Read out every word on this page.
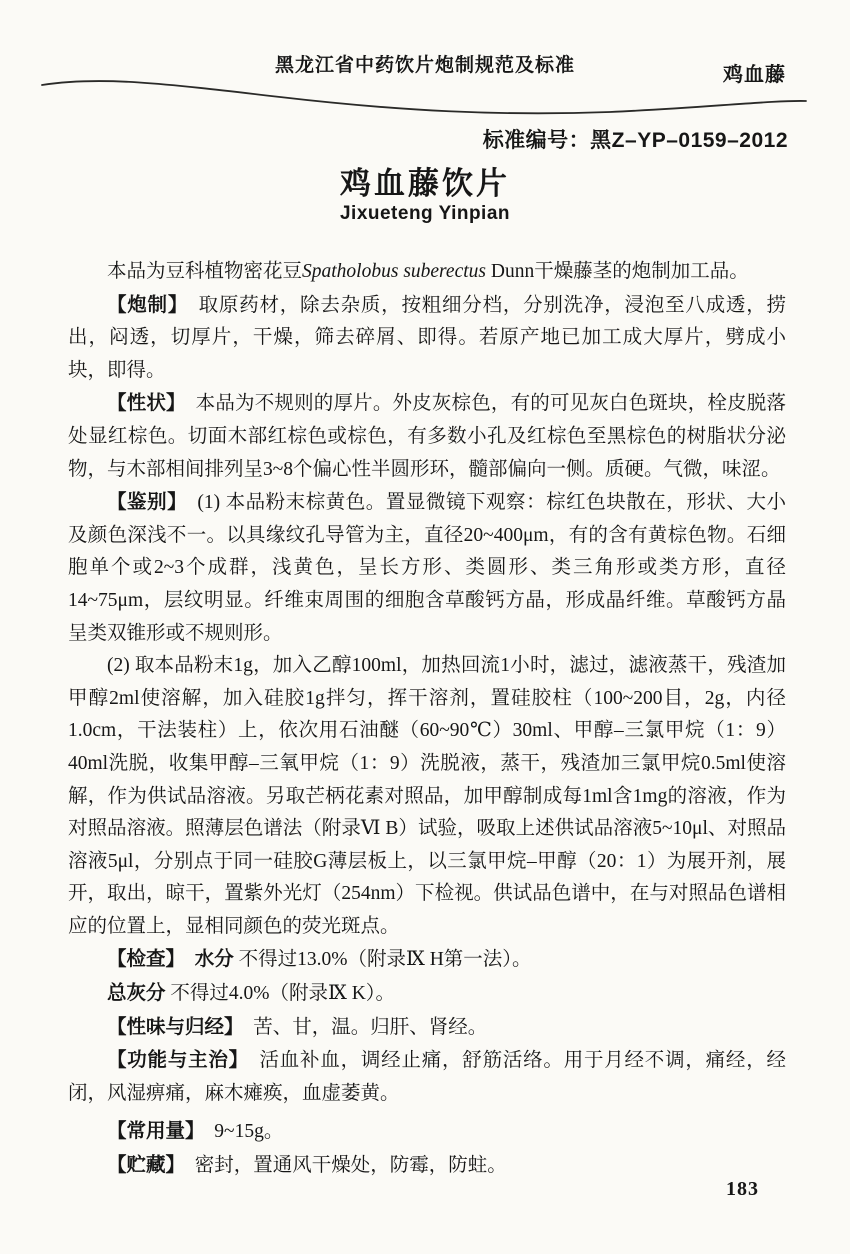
黑龙江省中药饮片炮制规范及标准	鸡血藤
标准编号：黑Z–YP–0159–2012
鸡血藤饮片
Jixueteng Yinpian

本品为豆科植物密花豆Spatholobus suberectus Dunn干燥藤茎的炮制加工品。

【炮制】　取原药材，除去杂质，按粗细分档，分别洗净，浸泡至八成透，捞出，闷透，切厚片，干燥，筛去碎屑、即得。若原产地已加工成大厚片，劈成小块，即得。

【性状】　本品为不规则的厚片。外皮灰棕色，有的可见灰白色斑块，栓皮脱落处显红棕色。切面木部红棕色或棕色，有多数小孔及红棕色至黑棕色的树脂状分泌物，与木部相间排列呈3~8个偏心性半圆形环，髓部偏向一侧。质硬。气微，味涩。

【鉴别】　(1) 本品粉末棕黄色。置显微镜下观察：棕红色块散在，形状、大小及颜色深浅不一。以具缘纹孔导管为主，直径20~400μm，有的含有黄棕色物。石细胞单个或2~3个成群，浅黄色，呈长方形、类圆形、类三角形或类方形，直径14~75μm，层纹明显。纤维束周围的细胞含草酸钙方晶，形成晶纤维。草酸钙方晶呈类双锥形或不规则形。

(2) 取本品粉末1g，加入乙醇100ml，加热回流1小时，滤过，滤液蒸干，残渣加甲醇2ml使溶解，加入硅胶1g拌匀，挥干溶剂，置硅胶柱（100~200目，2g，内径1.0cm，干法装柱）上，依次用石油醚（60~90℃）30ml、甲醇–三氯甲烷（1：9）40ml洗脱，收集甲醇–三氧甲烷（1：9）洗脱液，蒸干，残渣加三氯甲烷0.5ml使溶解，作为供试品溶液。另取芒柄花素对照品，加甲醇制成每1ml含1mg的溶液，作为对照品溶液。照薄层色谱法（附录Ⅵ B）试验，吸取上述供试品溶液5~10μl、对照品溶液5μl，分别点于同一硅胶G薄层板上，以三氯甲烷–甲醇（20：1）为展开剂，展开，取出，晾干，置紫外光灯（254nm）下检视。供试品色谱中，在与对照品色谱相应的位置上，显相同颜色的荧光斑点。

【检查】　 水分 不得过13.0%（附录Ⅸ H第一法）。

总灰分 不得过4.0%（附录Ⅸ K）。

【性味与归经】　苦、甘，温。归肝、肾经。

【功能与主治】　活血补血，调经止痛，舒筋活络。用于月经不调，痛经，经闭，风湿痹痛，麻木瘫痪，血虚萎黄。

【常用量】　9~15g。

【贮藏】　密封，置通风干燥处，防霉，防蛀。

183
